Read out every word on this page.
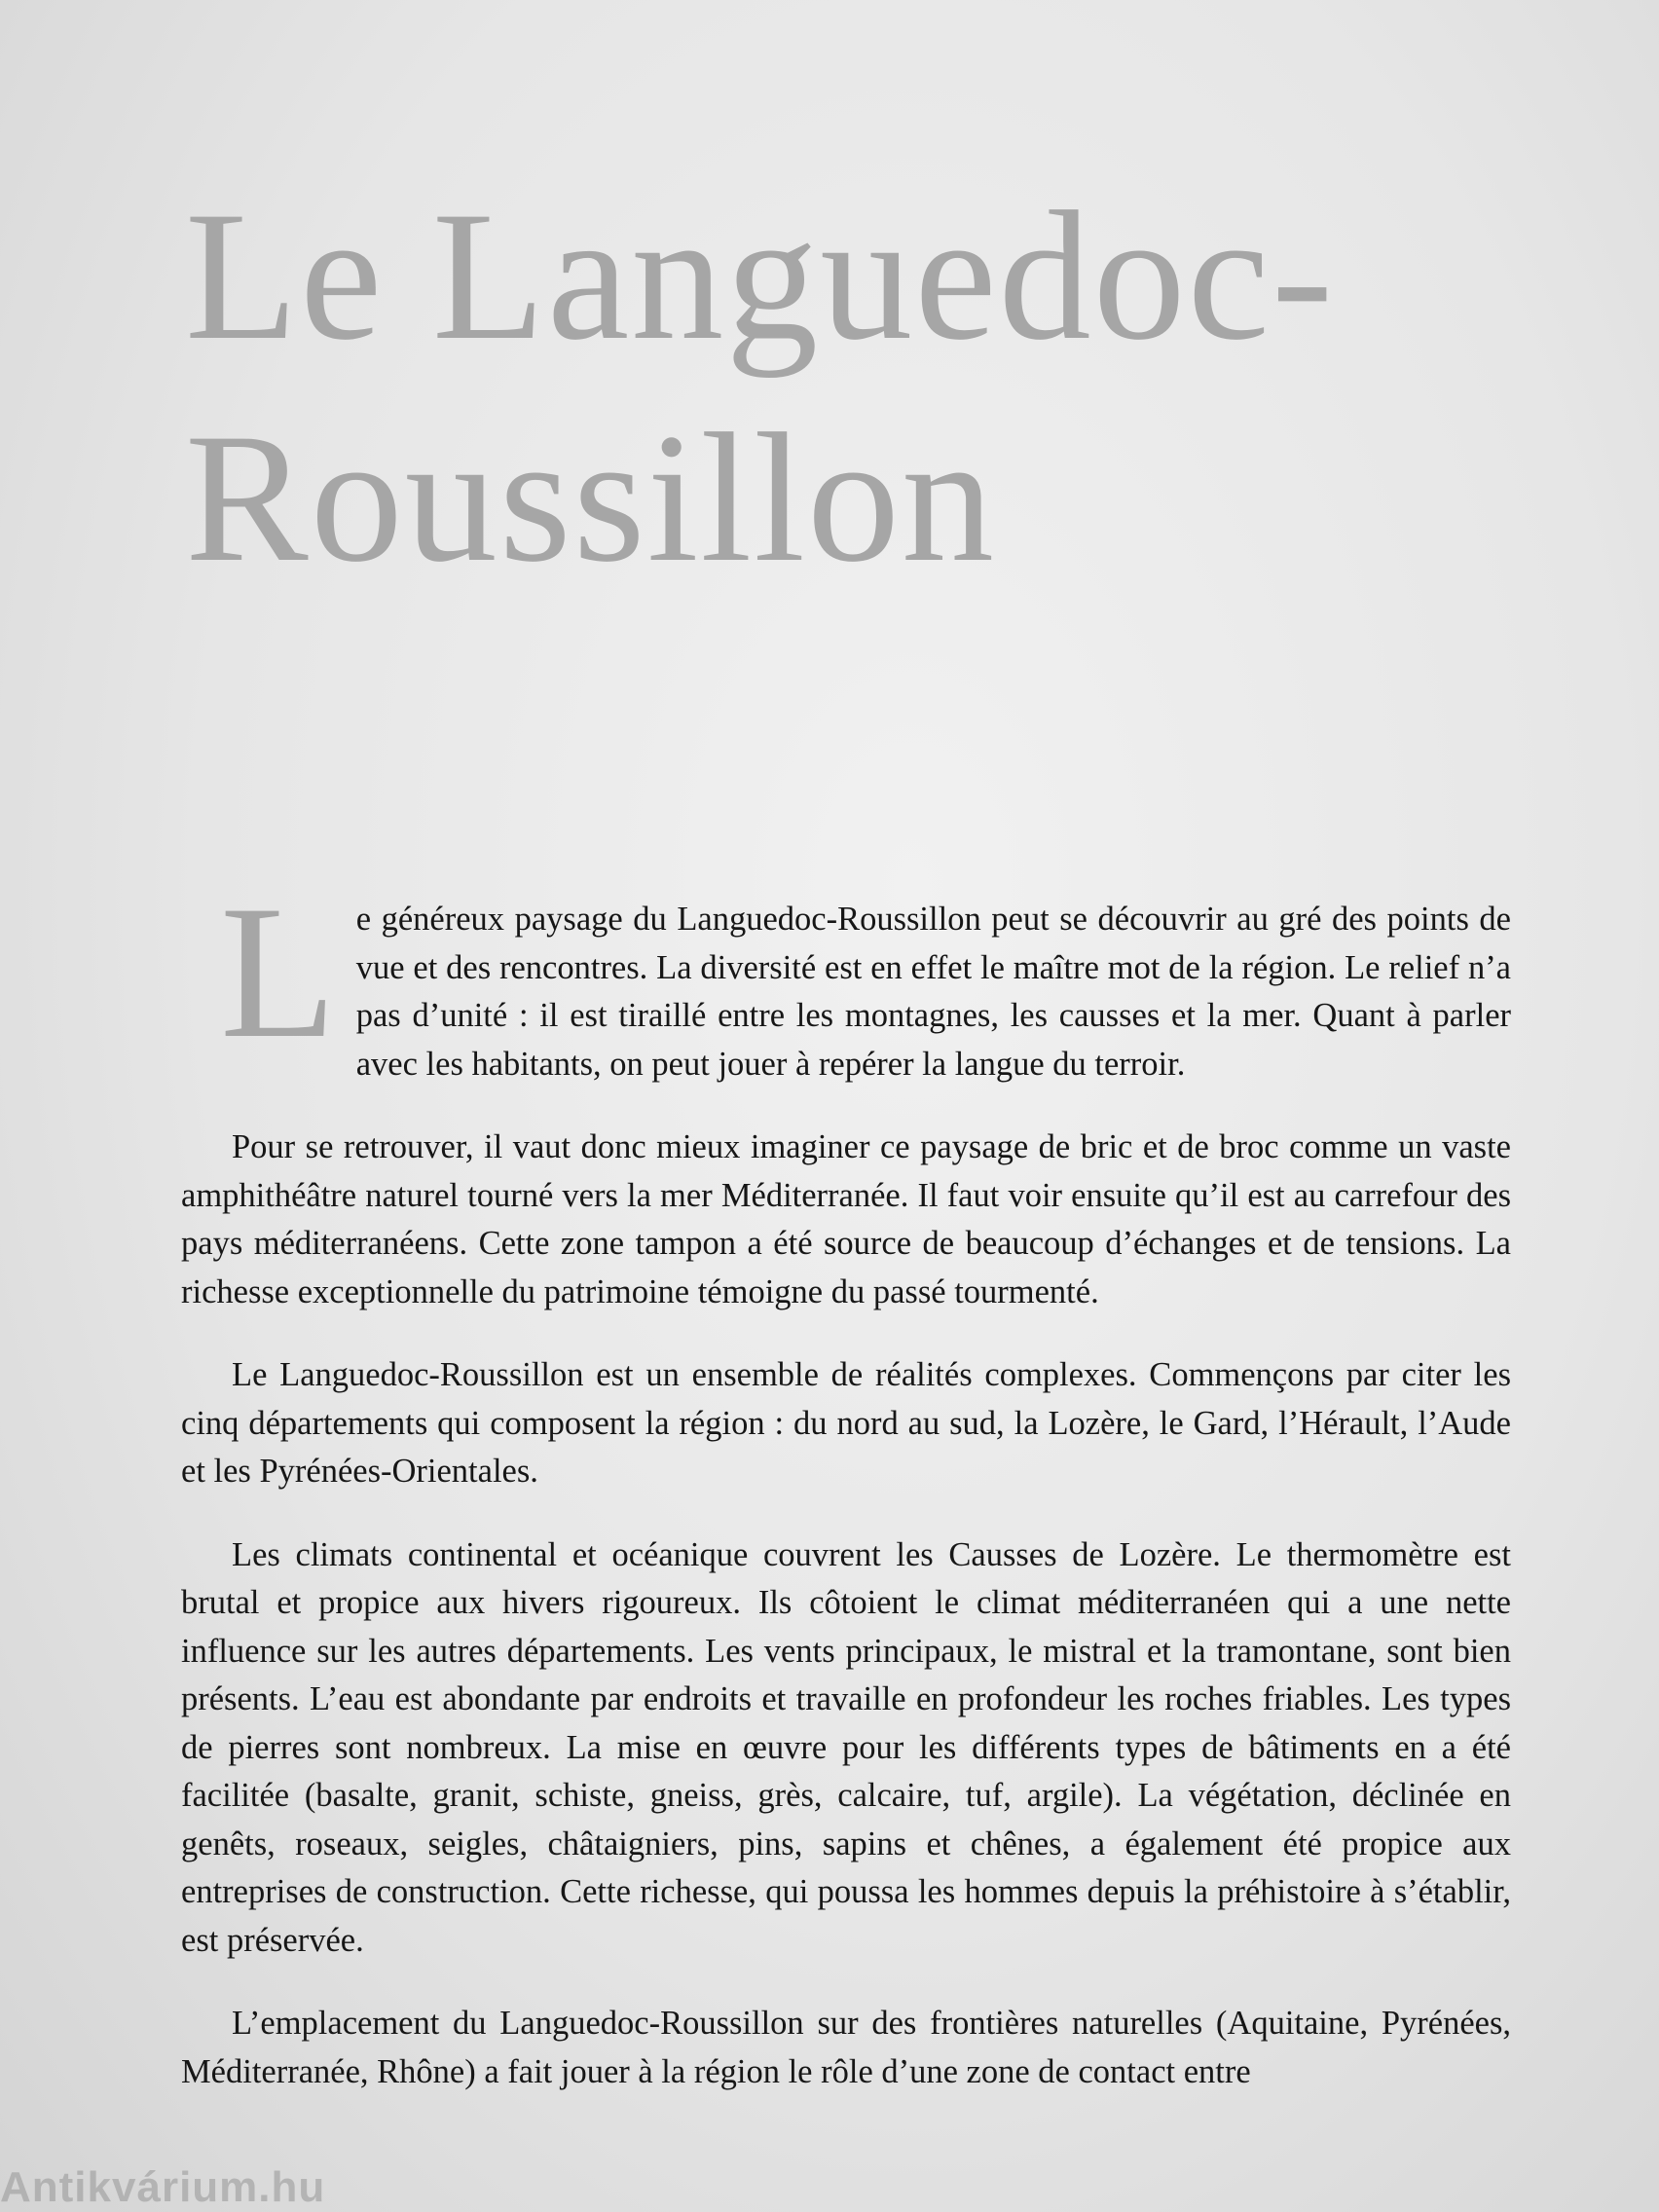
Le Languedoc-
Roussillon

Le généreux paysage du Languedoc-Roussillon peut se découvrir au gré des points de vue et des rencontres. La diversité est en effet le maître mot de la région. Le relief n’a pas d’unité : il est tiraillé entre les montagnes, les causses et la mer. Quant à parler avec les habitants, on peut jouer à repérer la langue du terroir.

Pour se retrouver, il vaut donc mieux imaginer ce paysage de bric et de broc comme un vaste amphithéâtre naturel tourné vers la mer Méditerranée. Il faut voir ensuite qu’il est au carrefour des pays méditerranéens. Cette zone tampon a été source de beaucoup d’échanges et de tensions. La richesse exceptionnelle du patrimoine témoigne du passé tourmenté.

Le Languedoc-Roussillon est un ensemble de réalités complexes. Commençons par citer les cinq départements qui composent la région : du nord au sud, la Lozère, le Gard, l’Hérault, l’Aude et les Pyrénées-Orientales.

Les climats continental et océanique couvrent les Causses de Lozère. Le thermomètre est brutal et propice aux hivers rigoureux. Ils côtoient le climat méditerranéen qui a une nette influence sur les autres départements. Les vents principaux, le mistral et la tramontane, sont bien présents. L’eau est abondante par endroits et travaille en profondeur les roches friables. Les types de pierres sont nombreux. La mise en œuvre pour les différents types de bâtiments en a été facilitée (basalte, granit, schiste, gneiss, grès, calcaire, tuf, argile). La végétation, déclinée en genêts, roseaux, seigles, châtaigniers, pins, sapins et chênes, a également été propice aux entreprises de construction. Cette richesse, qui poussa les hommes depuis la préhistoire à s’établir, est préservée.

L’emplacement du Languedoc-Roussillon sur des frontières naturelles (Aquitaine, Pyrénées, Méditerranée, Rhône) a fait jouer à la région le rôle d’une zone de contact entre

Antikvárium.hu
